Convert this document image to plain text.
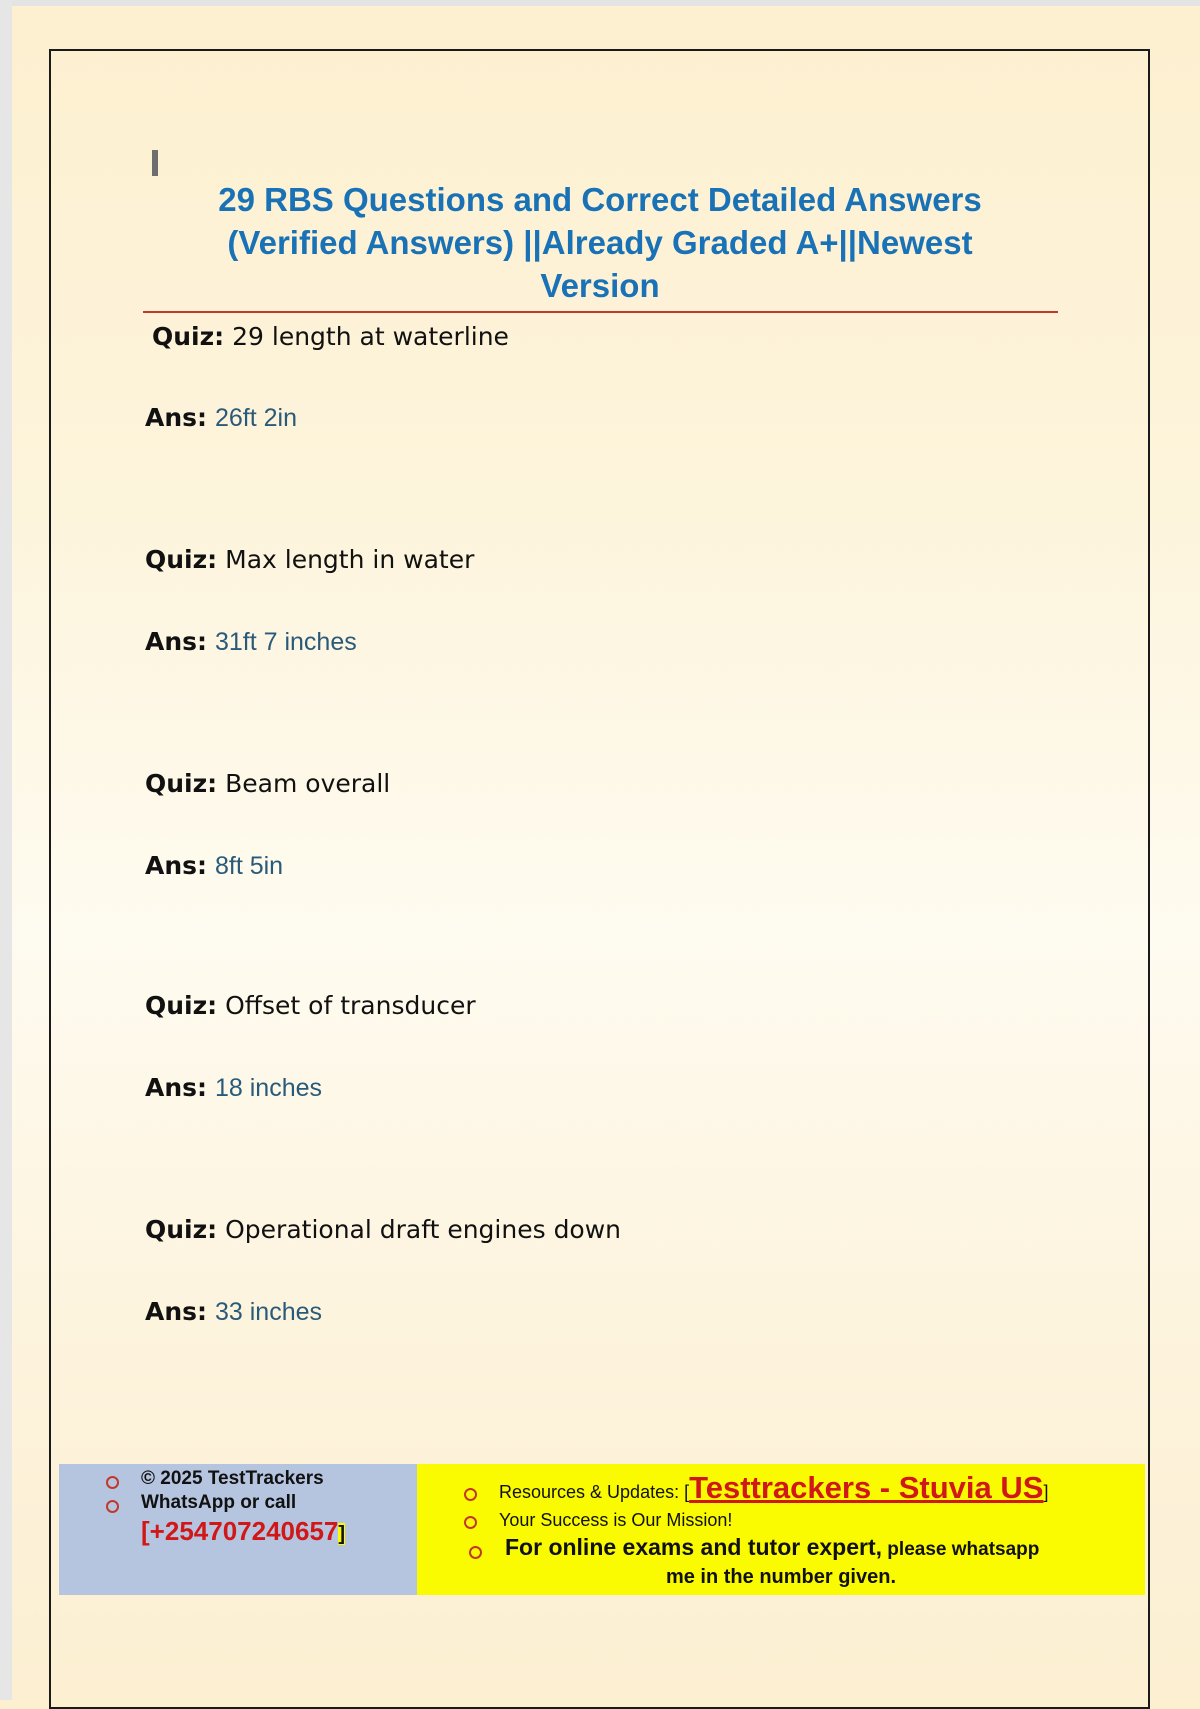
29 RBS Questions and Correct Detailed Answers
(Verified Answers) ||Already Graded A+||Newest
Version
Quiz: 29 length at waterline
Ans: 26ft 2in
Quiz: Max length in water
Ans: 31ft 7 inches
Quiz: Beam overall
Ans: 8ft 5in
Quiz: Offset of transducer
Ans: 18 inches
Quiz: Operational draft engines down
Ans: 33 inches
© 2025 TestTrackers
WhatsApp or call
[+254707240657]
Resources & Updates: [Testtrackers - Stuvia US]
Your Success is Our Mission!
For online exams and tutor expert, please whatsapp
me in the number given.
